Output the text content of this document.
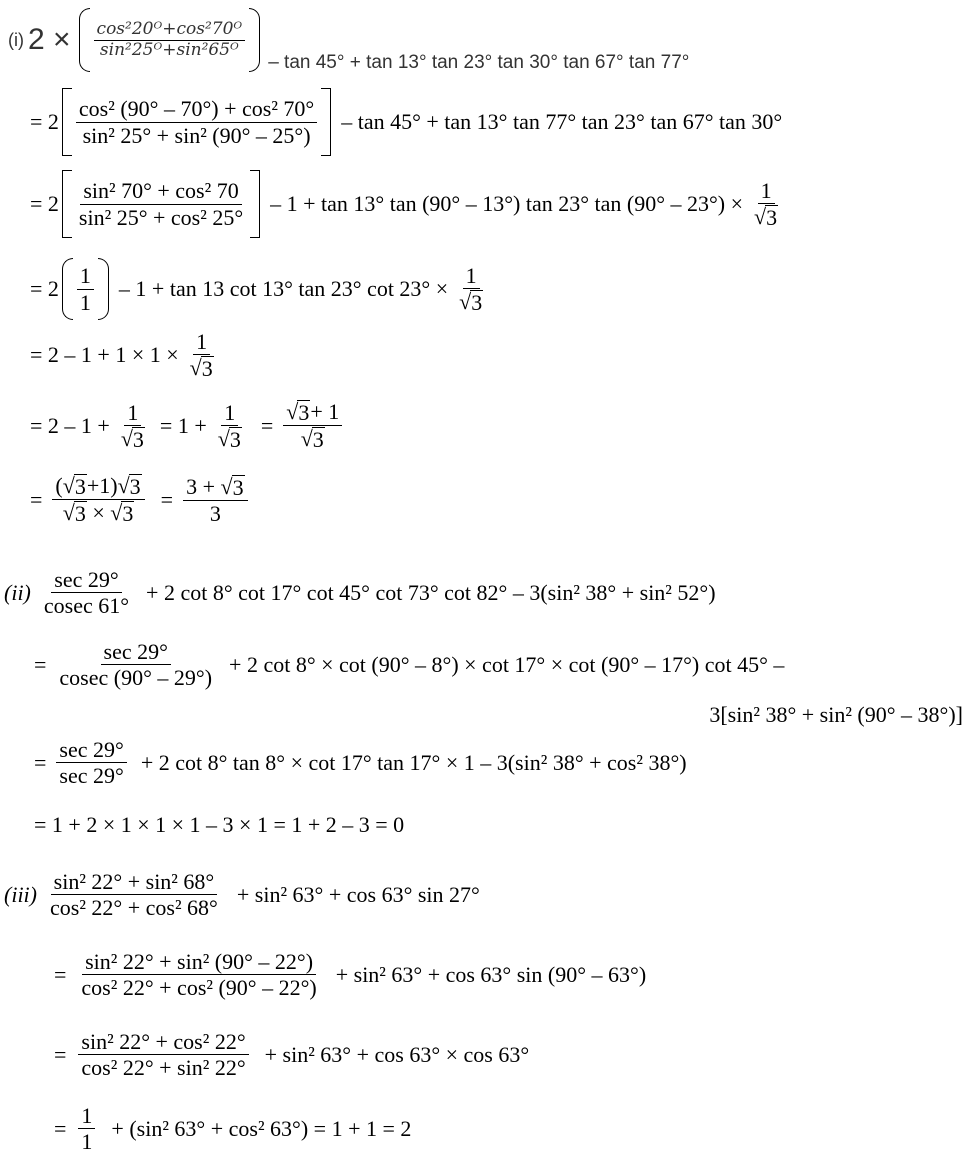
(i) $2 \times \frac{\text{cos²20ᴼ+cos²70ᴼ}}{\text{sin²25ᴼ+sin²65ᴼ}}$
– tan 45° + tan 13° tan 23° tan 30° tan 67° tan 77°
= $2 \frac{\text{cos² (90° – 70°) + cos² 70°}}{\text{sin² 25° + sin² (90° – 25°)}} - \tan 45^\circ + \tan 13^\circ$ tan 77° tan 23° tan 67° tan 30°
= $2 \frac{\text{sin² 70° + cos² 70}}{\text{sin² 25° + cos² 25°}} - 1 + \tan 13^\circ$ tan (90° – 13°) tan 23° $\tan (90^\circ - 23^\circ) \times \frac{1}{√ 3}$
= $2 \frac{1}{1} - 1 + \tan 13$ cot 13° tan 23° $\cot 23^\circ \times \frac{1}{√ 3}$
= $2 - 1 + 1 \times 1 \times \frac{1}{√ 3}$
= $2 - 1 + \frac{1}{√ 3} = 1 + \frac{1}{√ 3} = \frac{√ 3 + 1}{√ 3}$
= $\frac{( √ 3 +1) √ 3}{√ 3 \times √ 3} = \frac{3 + √ 3}{3}$
$(ii) \frac{\sec 29^\circ}{cosec 61^\circ} + 2$ cot 8° cot 17° cot 45° cot 73° cot 82° – 3(sin² 38° + sin² 52°)
= $\frac{\sec 29^\circ}{cosec (90^\circ - 29^\circ)} + 2$ cot 8° × cot (90° – 8°) × cot 17° × cot (90° – 17°) cot 45° –
3[sin² 38° + sin² (90° – 38°)]
= $\frac{\sec 29^\circ}{\sec 29^\circ} + 2$ cot 8° tan 8° × cot 17° tan 17° × 1 – 3(sin² 38° + cos² 38°)
= 1 + 2 × 1 × 1 × 1 – 3 × 1 = 1 + 2 – 3 = 0
$(iii) \frac{\text{sin² 22° + sin² 68°}}{\text{cos² 22° + cos² 68°}} + \sin^2$ 63° + cos 63° sin 27°
= $\frac{\text{sin² 22° + sin² (90° – 22°)}}{\text{cos² 22° + cos² (90° – 22°)}} + \sin^2$ 63° + cos 63° sin (90° – 63°)
= $\frac{\text{sin² 22° + cos² 22°}}{\text{cos² 22° + sin² 22°}} + \sin^2$ 63° + cos 63° × cos 63°
= $\frac{1}{1} + (\sin^2$ 63° + cos² 63°) = 1 + 1 = 2
